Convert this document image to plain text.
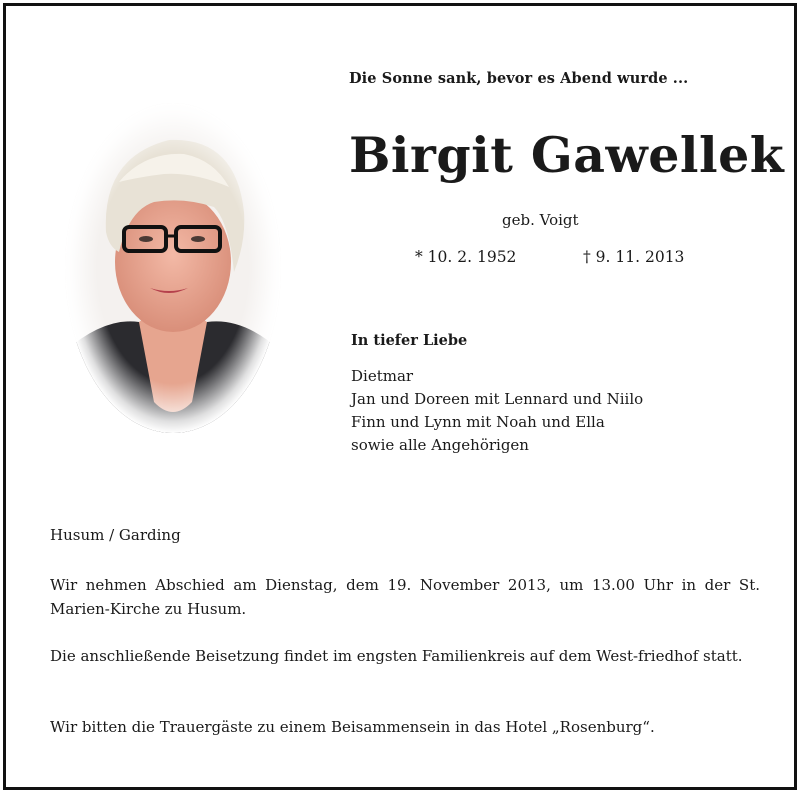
Die Sonne sank, bevor es Abend wurde ...
Birgit Gawellek
geb. Voigt
* 10. 2. 1952	† 9. 11. 2013
In tiefer Liebe
Dietmar
Jan und Doreen mit Lennard und Niilo
Finn und Lynn mit Noah und Ella
sowie alle Angehörigen
Husum / Garding
Wir nehmen Abschied am Dienstag, dem 19. November 2013, um 13.00 Uhr in der St. Marien-Kirche zu Husum.
Die anschließende Beisetzung findet im engsten Familienkreis auf dem West-friedhof statt.
Wir bitten die Trauergäste zu einem Beisammensein in das Hotel „Rosenburg“.
